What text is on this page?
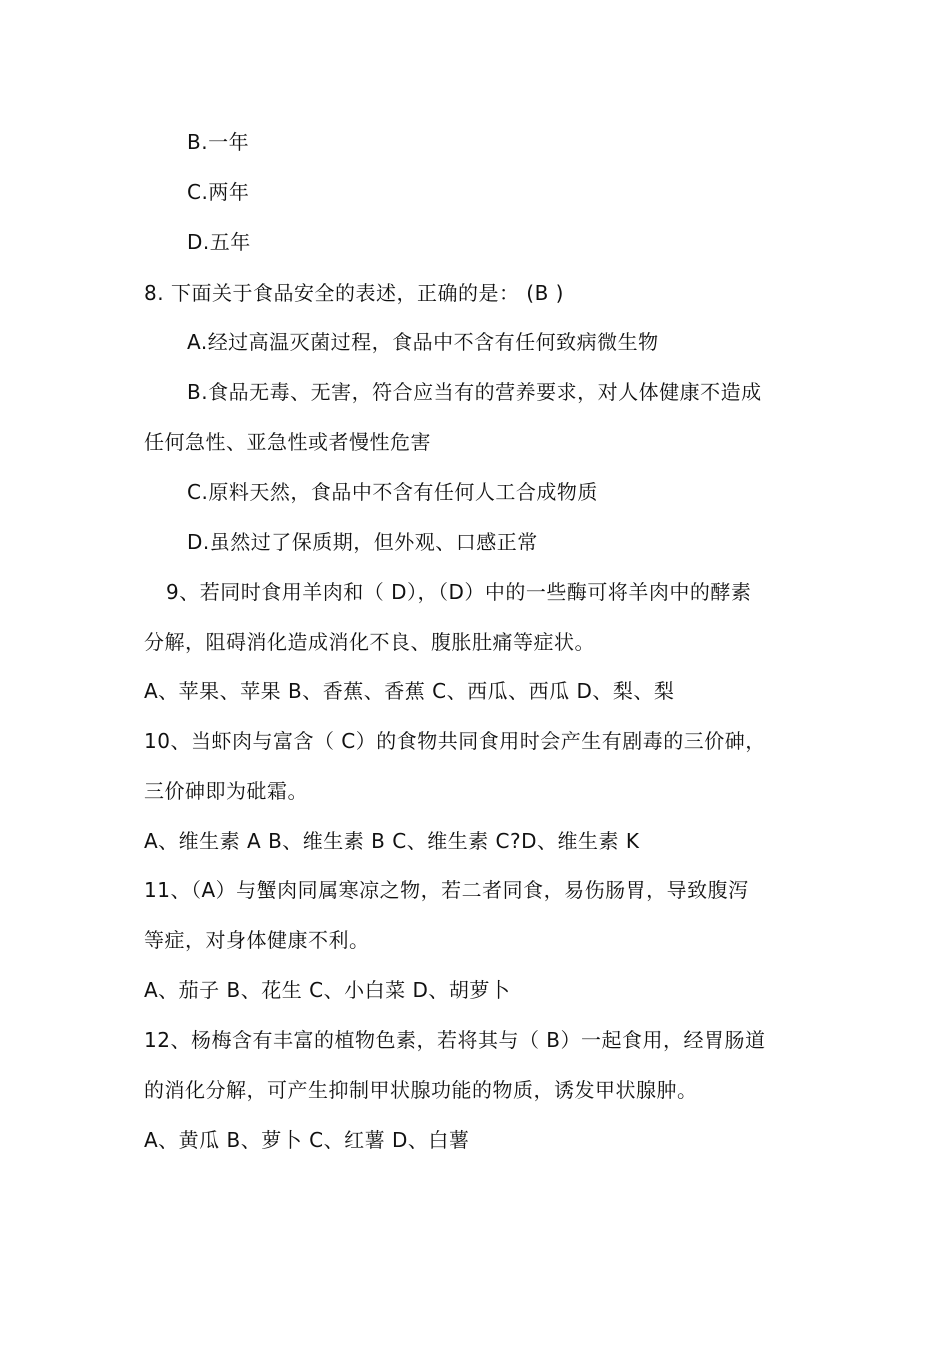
B.一年
C.两年
D.五年
8. 下面关于食品安全的表述，正确的是： (B )
A.经过高温灭菌过程，食品中不含有任何致病微生物
B.食品无毒、无害，符合应当有的营养要求，对人体健康不造成
任何急性、亚急性或者慢性危害
C.原料天然，食品中不含有任何人工合成物质
D.虽然过了保质期，但外观、口感正常
9、若同时食用羊肉和（ D），（D）中的一些酶可将羊肉中的酵素
分解，阻碍消化造成消化不良、腹胀肚痛等症状。
A、苹果、苹果 B、香蕉、香蕉 C、西瓜、西瓜 D、梨、梨
10、当虾肉与富含（ C）的食物共同食用时会产生有剧毒的三价砷，
三价砷即为砒霜。
A、维生素 A B、维生素 B C、维生素 C?D、维生素 K
11、（A）与蟹肉同属寒凉之物，若二者同食，易伤肠胃，导致腹泻
等症，对身体健康不利。
A、茄子 B、花生 C、小白菜 D、胡萝卜
12、杨梅含有丰富的植物色素，若将其与（ B）一起食用，经胃肠道
的消化分解，可产生抑制甲状腺功能的物质，诱发甲状腺肿。
A、黄瓜 B、萝卜 C、红薯 D、白薯
